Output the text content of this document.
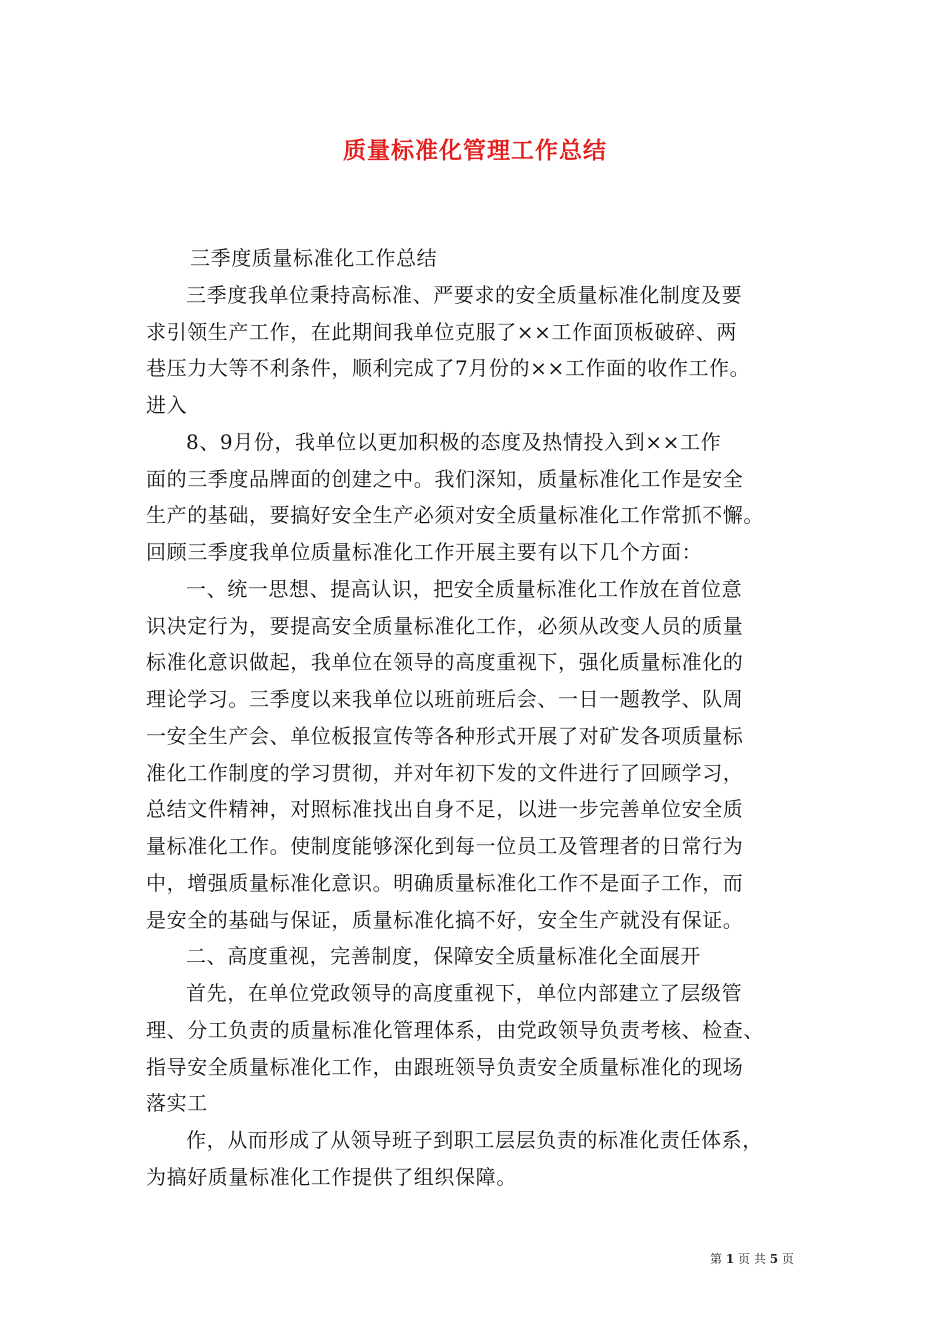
质量标准化管理工作总结
三季度质量标准化工作总结
三季度我单位秉持高标准、严要求的安全质量标准化制度及要
求引领生产工作，在此期间我单位克服了××工作面顶板破碎、两
巷压力大等不利条件，顺利完成了7月份的××工作面的收作工作。
进入
8、9月份，我单位以更加积极的态度及热情投入到××工作
面的三季度品牌面的创建之中。我们深知，质量标准化工作是安全
生产的基础，要搞好安全生产必须对安全质量标准化工作常抓不懈。
回顾三季度我单位质量标准化工作开展主要有以下几个方面：
一、统一思想、提高认识，把安全质量标准化工作放在首位意
识决定行为，要提高安全质量标准化工作，必须从改变人员的质量
标准化意识做起，我单位在领导的高度重视下，强化质量标准化的
理论学习。三季度以来我单位以班前班后会、一日一题教学、队周
一安全生产会、单位板报宣传等各种形式开展了对矿发各项质量标
准化工作制度的学习贯彻，并对年初下发的文件进行了回顾学习，
总结文件精神，对照标准找出自身不足，以进一步完善单位安全质
量标准化工作。使制度能够深化到每一位员工及管理者的日常行为
中，增强质量标准化意识。明确质量标准化工作不是面子工作，而
是安全的基础与保证，质量标准化搞不好，安全生产就没有保证。
二、高度重视，完善制度，保障安全质量标准化全面展开
首先，在单位党政领导的高度重视下，单位内部建立了层级管
理、分工负责的质量标准化管理体系，由党政领导负责考核、检查、
指导安全质量标准化工作，由跟班领导负责安全质量标准化的现场
落实工
作，从而形成了从领导班子到职工层层负责的标准化责任体系，
为搞好质量标准化工作提供了组织保障。
第 1 页 共 5 页
